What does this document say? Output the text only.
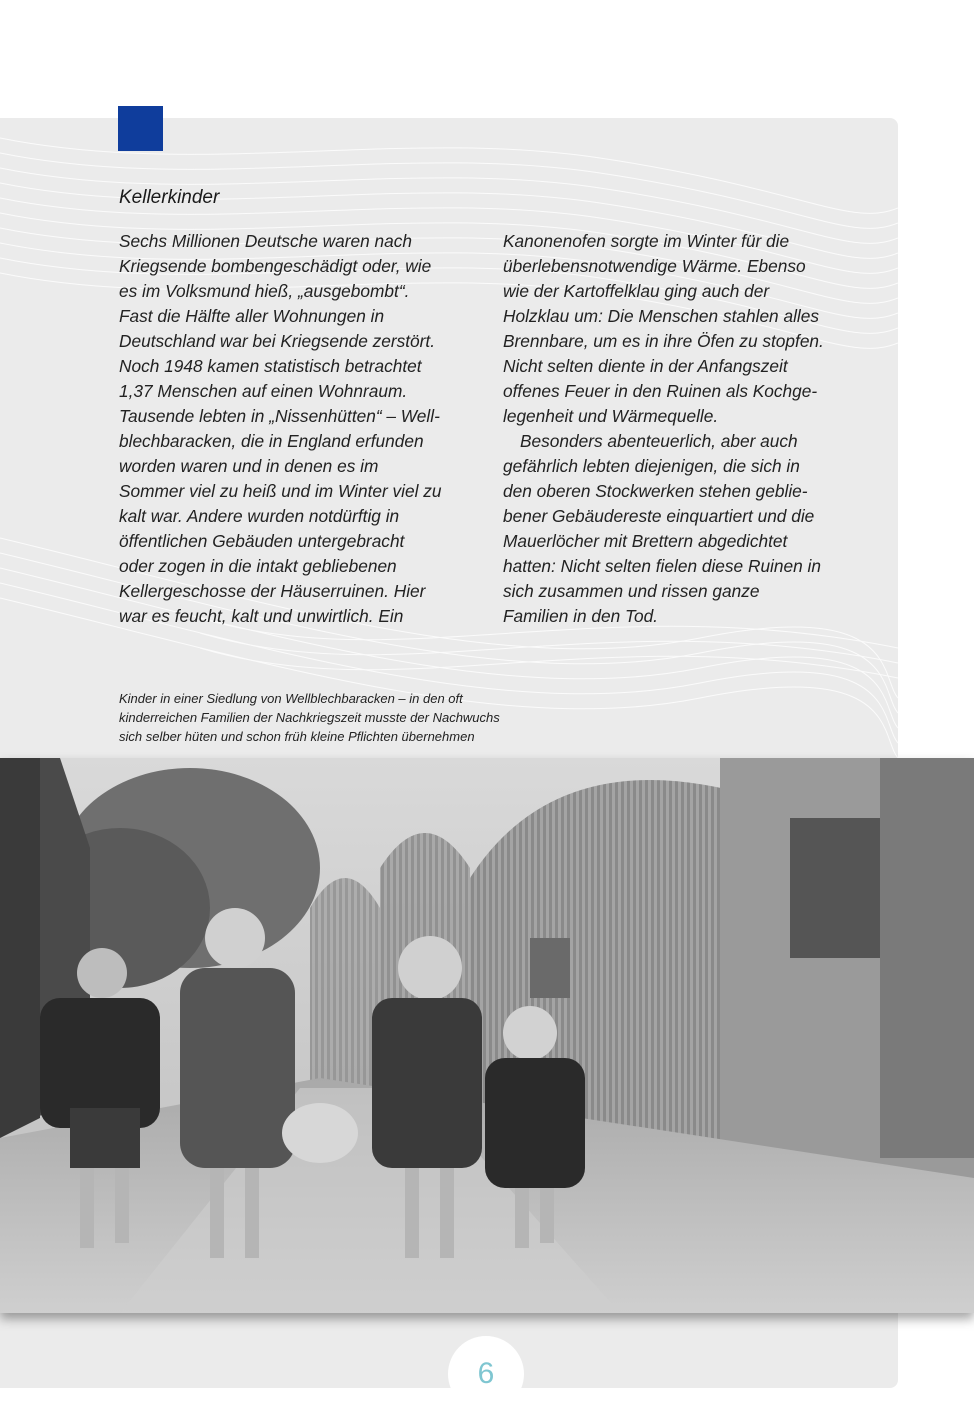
Kellerkinder
Sechs Millionen Deutsche waren nach
Kriegsende bombengeschädigt oder, wie
es im Volksmund hieß, „ausgebombt“.
Fast die Hälfte aller Wohnungen in
Deutschland war bei Kriegsende zerstört.
Noch 1948 kamen statistisch betrachtet
1,37 Menschen auf einen Wohnraum.
Tausende lebten in „Nissenhütten“ – Well-
blechbaracken, die in England erfunden
worden waren und in denen es im
Sommer viel zu heiß und im Winter viel zu
kalt war. Andere wurden notdürftig in
öffentlichen Gebäuden untergebracht
oder zogen in die intakt gebliebenen
Kellergeschosse der Häuserruinen. Hier
war es feucht, kalt und unwirtlich. Ein
Kanonenofen sorgte im Winter für die
überlebensnotwendige Wärme. Ebenso
wie der Kartoffelklau ging auch der
Holzklau um: Die Menschen stahlen alles
Brennbare, um es in ihre Öfen zu stopfen.
Nicht selten diente in der Anfangszeit
offenes Feuer in den Ruinen als Kochge-
legenheit und Wärmequelle.
Besonders abenteuerlich, aber auch
gefährlich lebten diejenigen, die sich in
den oberen Stockwerken stehen geblie-
bener Gebäudereste einquartiert und die
Mauerlöcher mit Brettern abgedichtet
hatten: Nicht selten fielen diese Ruinen in
sich zusammen und rissen ganze
Familien in den Tod.
Kinder in einer Siedlung von Wellblechbaracken – in den oft
kinderreichen Familien der Nachkriegszeit musste der Nachwuchs
sich selber hüten und schon früh kleine Pflichten übernehmen
6
